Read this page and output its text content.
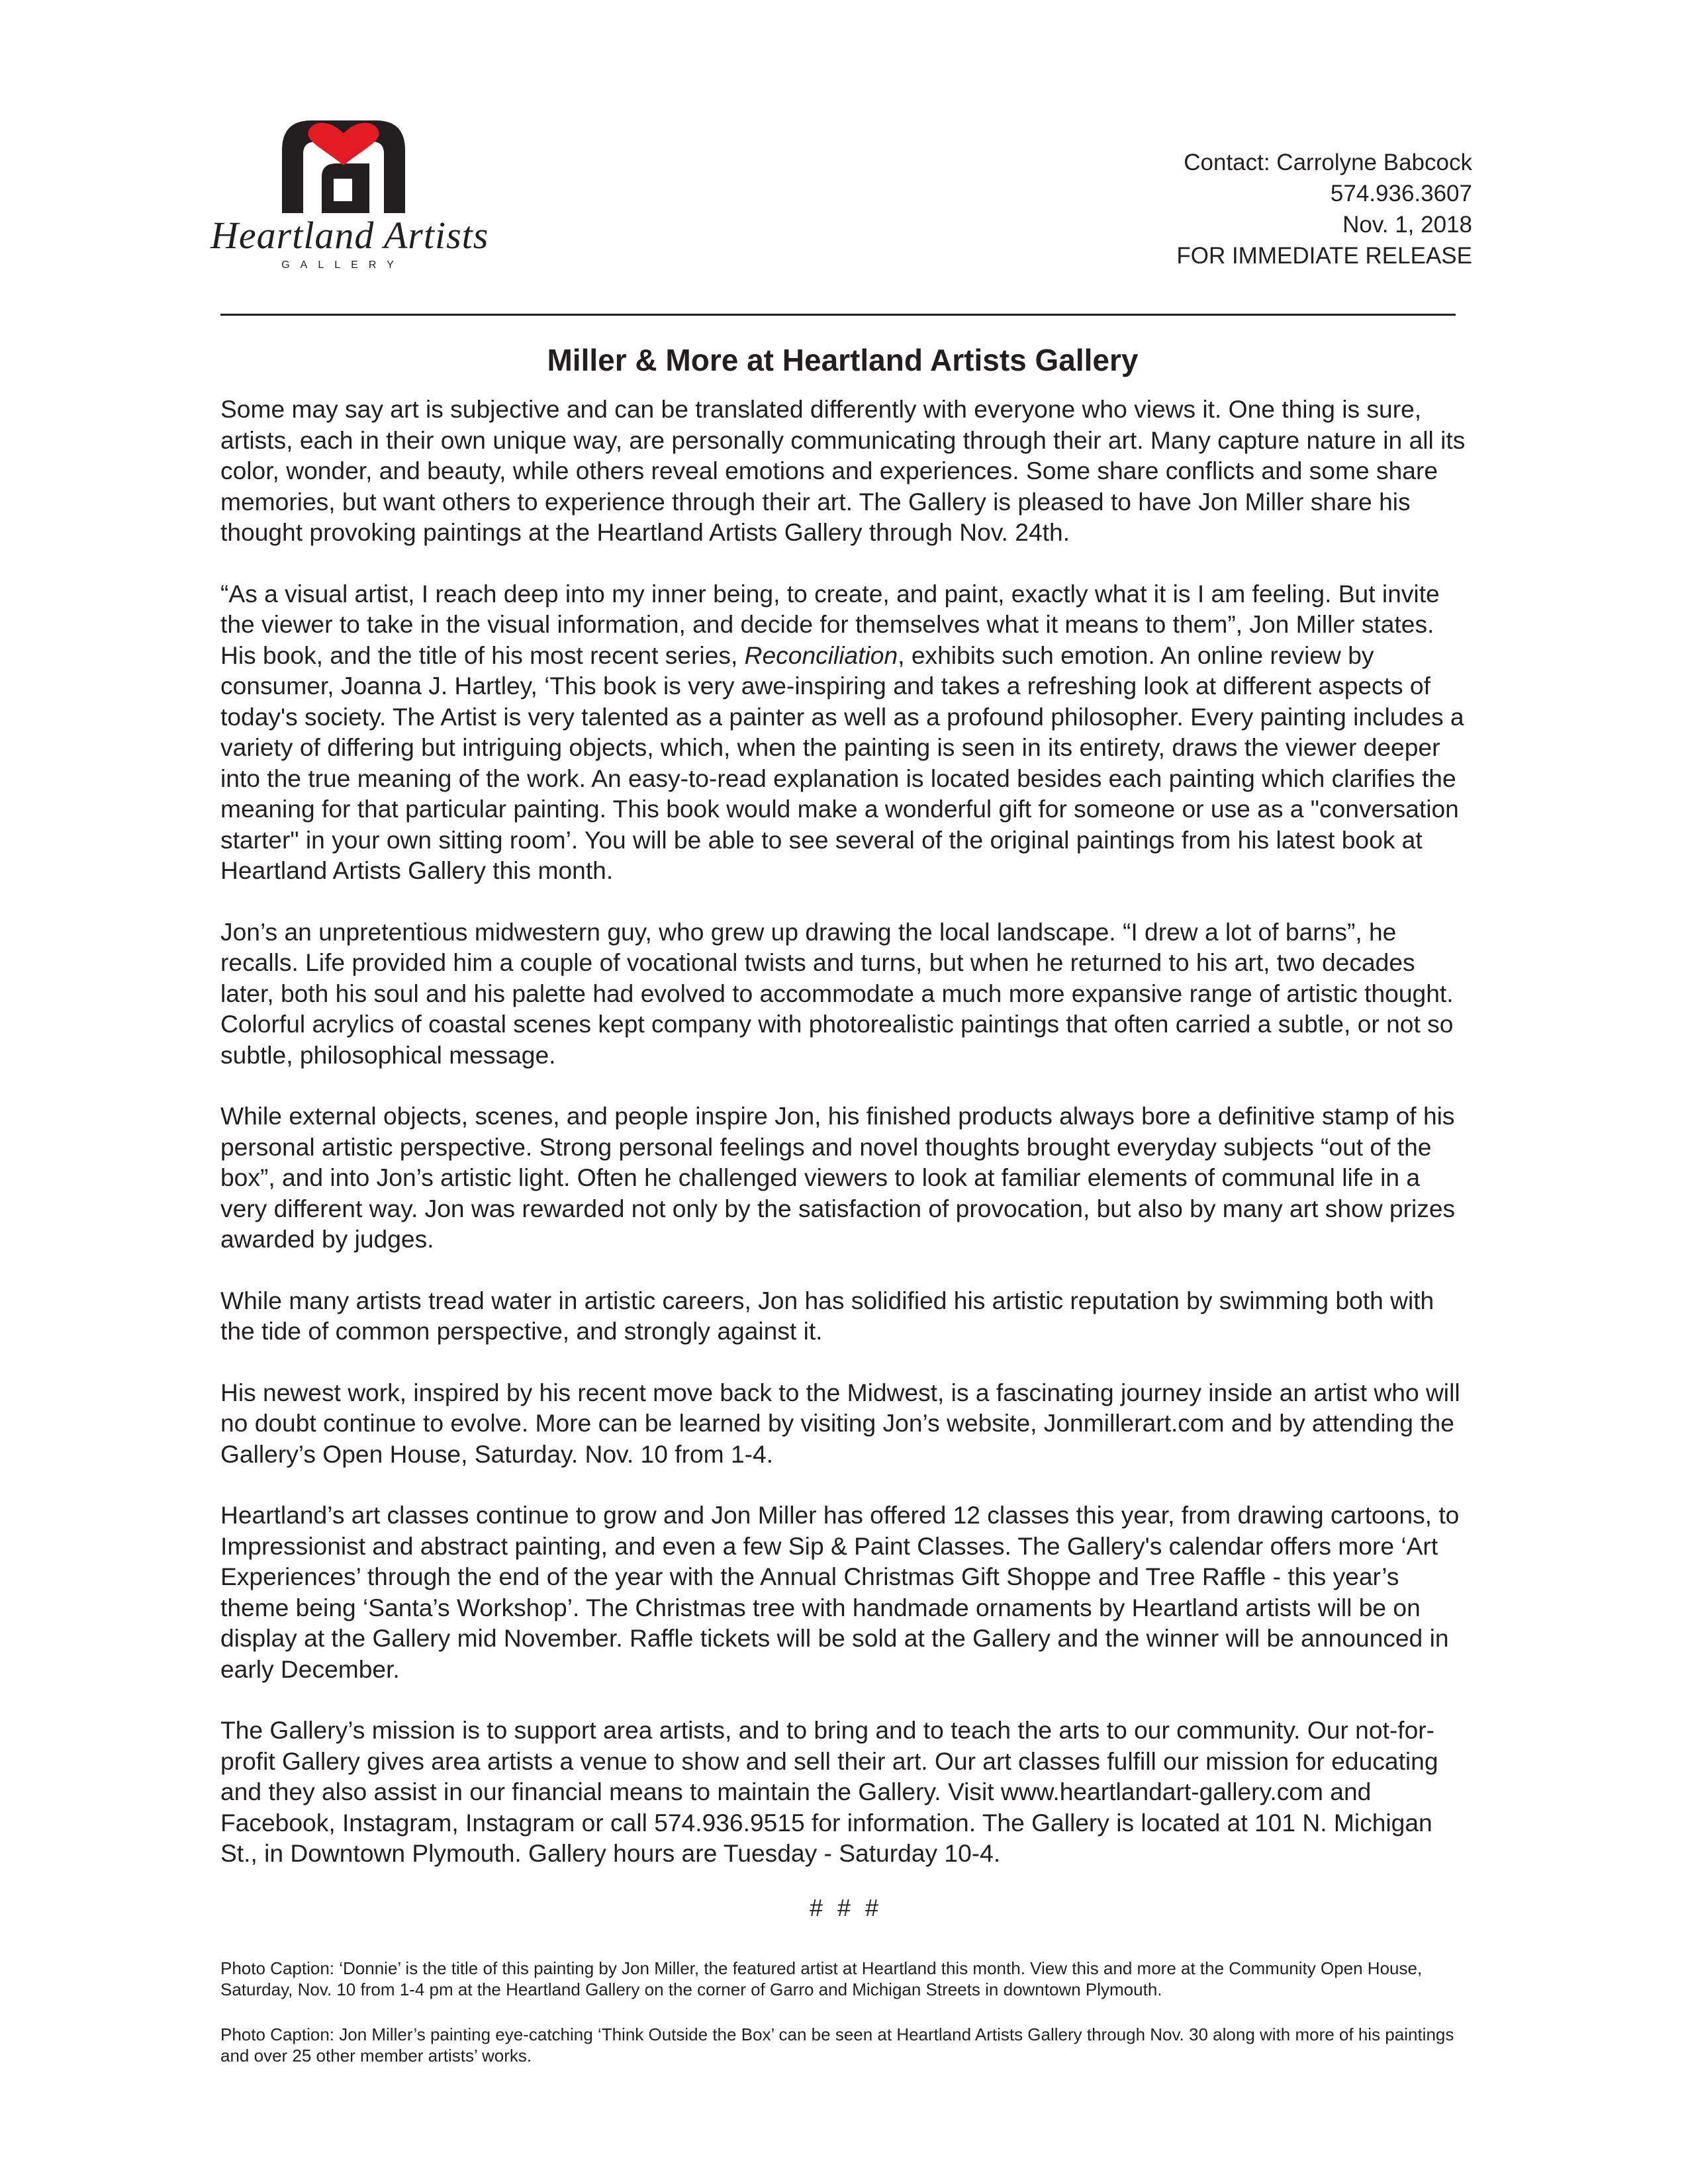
Heartland Artists
GALLERY
Contact: Carrolyne Babcock
574.936.3607
Nov. 1, 2018
FOR IMMEDIATE RELEASE
Miller & More at Heartland Artists Gallery

Some may say art is subjective and can be translated differently with everyone who views it. One thing is sure, artists, each in their own unique way, are personally communicating through their art. Many capture nature in all its color, wonder, and beauty, while others reveal emotions and experiences. Some share conflicts and some share memories, but want others to experience through their art. The Gallery is pleased to have Jon Miller share his thought provoking paintings at the Heartland Artists Gallery through Nov. 24th.

“As a visual artist, I reach deep into my inner being, to create, and paint, exactly what it is I am feeling. But invite the viewer to take in the visual information, and decide for themselves what it means to them”, Jon Miller states. His book, and the title of his most recent series, Reconciliation, exhibits such emotion. An online review by consumer, Joanna J. Hartley, ‘This book is very awe-inspiring and takes a refreshing look at different aspects of today's society. The Artist is very talented as a painter as well as a profound philosopher. Every painting includes a variety of differing but intriguing objects, which, when the painting is seen in its entirety, draws the viewer deeper into the true meaning of the work. An easy-to-read explanation is located besides each painting which clarifies the meaning for that particular painting. This book would make a wonderful gift for someone or use as a "conversation starter" in your own sitting room’. You will be able to see several of the original paintings from his latest book at Heartland Artists Gallery this month.

Jon’s an unpretentious midwestern guy, who grew up drawing the local landscape. “I drew a lot of barns”, he recalls. Life provided him a couple of vocational twists and turns, but when he returned to his art, two decades later, both his soul and his palette had evolved to accommodate a much more expansive range of artistic thought. Colorful acrylics of coastal scenes kept company with photorealistic paintings that often carried a subtle, or not so subtle, philosophical message.

While external objects, scenes, and people inspire Jon, his finished products always bore a definitive stamp of his personal artistic perspective. Strong personal feelings and novel thoughts brought everyday subjects “out of the box”, and into Jon’s artistic light. Often he challenged viewers to look at familiar elements of communal life in a very different way. Jon was rewarded not only by the satisfaction of provocation, but also by many art show prizes awarded by judges.

While many artists tread water in artistic careers, Jon has solidified his artistic reputation by swimming both with the tide of common perspective, and strongly against it.

His newest work, inspired by his recent move back to the Midwest, is a fascinating journey inside an artist who will no doubt continue to evolve. More can be learned by visiting Jon’s website, Jonmillerart.com and by attending the Gallery’s Open House, Saturday. Nov. 10 from 1-4.

Heartland’s art classes continue to grow and Jon Miller has offered 12 classes this year, from drawing cartoons, to Impressionist and abstract painting, and even a few Sip & Paint Classes. The Gallery's calendar offers more ‘Art Experiences’ through the end of the year with the Annual Christmas Gift Shoppe and Tree Raffle - this year’s theme being ‘Santa’s Workshop’. The Christmas tree with handmade ornaments by Heartland artists will be on display at the Gallery mid November. Raffle tickets will be sold at the Gallery and the winner will be announced in early December.

The Gallery’s mission is to support area artists, and to bring and to teach the arts to our community. Our not-for-profit Gallery gives area artists a venue to show and sell their art. Our art classes fulfill our mission for educating and they also assist in our financial means to maintain the Gallery. Visit www.heartlandart-gallery.com and Facebook, Instagram, Instagram or call 574.936.9515 for information. The Gallery is located at 101 N. Michigan St., in Downtown Plymouth. Gallery hours are Tuesday - Saturday 10-4.

# # #

Photo Caption: ‘Donnie’ is the title of this painting by Jon Miller, the featured artist at Heartland this month. View this and more at the Community Open House, Saturday, Nov. 10 from 1-4 pm at the Heartland Gallery on the corner of Garro and Michigan Streets in downtown Plymouth.

Photo Caption: Jon Miller’s painting eye-catching ‘Think Outside the Box’ can be seen at Heartland Artists Gallery through Nov. 30 along with more of his paintings and over 25 other member artists’ works.
